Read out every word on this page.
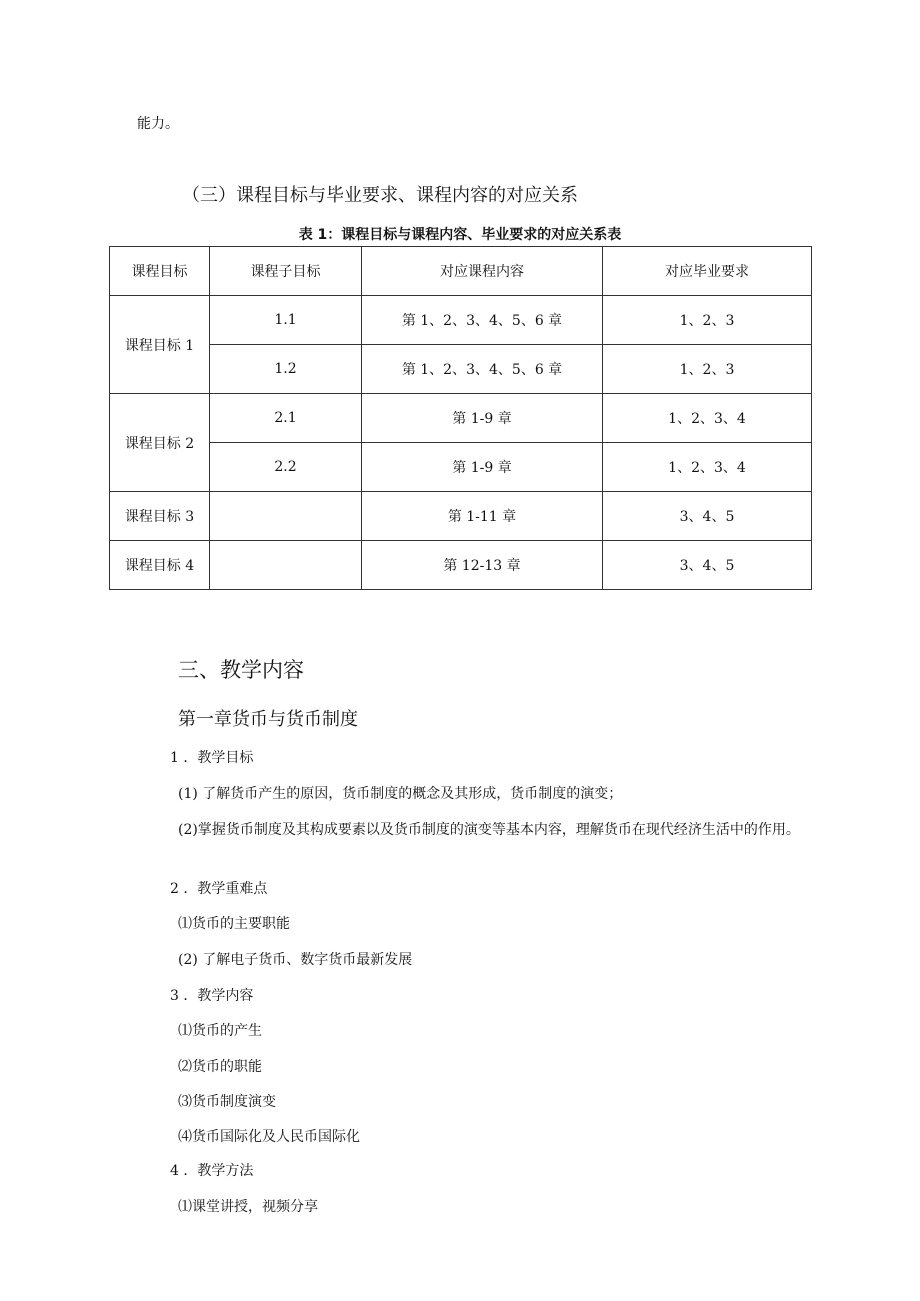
能力。
（三）课程目标与毕业要求、课程内容的对应关系
表 1：课程目标与课程内容、毕业要求的对应关系表
课程目标	课程子目标	对应课程内容	对应毕业要求
课程目标 1	1.1	第 1、2、3、4、5、6 章	1、2、3
	1.2	第 1、2、3、4、5、6 章	1、2、3
课程目标 2	2.1	第 1-9 章	1、2、3、4
	2.2	第 1-9 章	1、2、3、4
课程目标 3		第 1-11 章	3、4、5
课程目标 4		第 12-13 章	3、4、5
三、教学内容
第一章货币与货币制度
1 ．教学目标
(1) 了解货币产生的原因，货币制度的概念及其形成，货币制度的演变；
(2)掌握货币制度及其构成要素以及货币制度的演变等基本内容，理解货币在现代经济生活中的作用。
2 ．教学重难点
⑴货币的主要职能
(2) 了解电子货币、数字货币最新发展
3 ．教学内容
⑴货币的产生
⑵货币的职能
⑶货币制度演变
⑷货币国际化及人民币国际化
4 ．教学方法
⑴课堂讲授，视频分享
